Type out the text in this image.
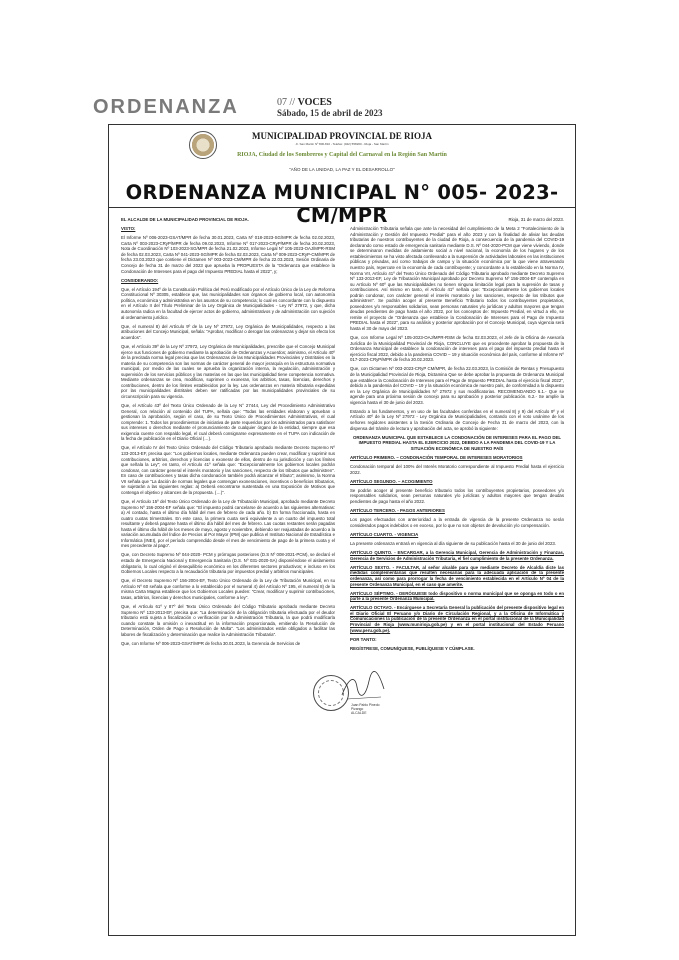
ORDENANZA	07 // VOCES
Sábado, 15 de abril de 2023
MUNICIPALIDAD PROVINCIAL DE RIOJA
Jr. San Martín Nº 806-810 - Telefax: (042) 558200 - Rioja - San Martín
RIOJA, Ciudad de los Sombreros y Capital del Carnaval en la Región San Martín
"AÑO DE LA UNIDAD, LA PAZ Y EL DESARROLLO"
ORDENANZA MUNICIPAL N° 005- 2023-CM/MPR

EL ALCALDE DE LA MUNICIPALIDAD PROVINCIAL DE RIOJA.

VISTO:

El Informe Nº 006-2023-GSAT/MPR de fecha 30.01.2023, Carta Nº 018-2023-SG/MPR de fecha 02.02.2023, Carta Nº 003-2023-CRyP/MPR de fecha 09.02.2023, Informe Nº 017-2023-CRyP/MPR de fecha 20.02.2023, Nota de Coordinación Nº 103-2023-SG/MPR de fecha 21.02.2023, Informe Legal Nº 105-2023-OAJ/MPR-RSM de fecha 02.03.2023, Carta Nº 041-2023-SG/MPR de fecha 02.03.2023, Carta Nº 009-2023-CRyP-CM/MPR de fecha 23.03.2023 que contiene el Dictamen Nº 003-2023-CM/MPR de fecha 22.03.2023, Sesión Ordinaria de Concejo de fecha 31 de marzo del 2023 que aprueba la PROPUESTA de la "Ordenanza que establece la Condonación de Intereses para el pago del Impuesto PREDIAL hasta el 2022", y;

CONSIDERANDO:

Que, el Artículo 194º de la Constitución Política del Perú modificado por el Artículo Único de la Ley de Reforma Constitucional Nº 30305, establece que, las municipalidades son órganos de gobierno local, con autonomía política, económica y administrativa en los asuntos de su competencia; lo cual es concordante con lo dispuesto en el Artículo II del Título Preliminar de la Ley Orgánica de Municipalidades - Ley Nº 27972, y que, dicha autonomía radica en la facultad de ejercer actos de gobierno, administrativos y de administración con sujeción al ordenamiento jurídico.

Que, el numeral 8) del Artículo 9º de la Ley Nº 27972, Ley Orgánica de Municipalidades, respecto a las atribuciones del Concejo Municipal, señala: "Aprobar, modificar o derogar las ordenanzas y dejar sin efecto los acuerdos".

Que, el Artículo 39º de la Ley Nº 27972, Ley Orgánica de Municipalidades, prescribe que el Concejo Municipal ejerce sus funciones de gobierno mediante la aprobación de Ordenanzas y Acuerdos; asimismo, el Artículo 40º de la precitada norma legal precisa que las Ordenanzas de las Municipalidades Provinciales y Distritales en la materia de su competencia son las normas de carácter general de mayor jerarquía en la estructura normativa municipal, por medio de las cuales se aprueba la organización interna, la regulación, administración y supervisión de los servicios públicos y las materias en las que las municipalidad tiene competencia normativa. Mediante ordenanzas se crea, modifican, suprimen o exoneran, los arbitrios, tasas, licencias, derechos y contribuciones, dentro de los límites establecidos por la ley. Las ordenanzas en materia tributaria expedidas por las municipalidades distritales deben ser ratificadas por las municipalidades provinciales de su circunscripción para su vigencia.

Que, el Artículo 43º del Texto Único Ordenado de la Ley N° 27444, Ley del Procedimiento Administrativo General, con relación al contenido del TUPA, señala que: "Todas las entidades elaboran y aprueban o gestionan la aprobación, según el caso, de su Texto Único de Procedimientos Administrativos, el cual comprende: 1. Todos los procedimientos de iniciativa de parte requeridos por los administrados para satisfacer sus intereses o derechos mediante el pronunciamiento de cualquier órgano de la entidad, siempre que esa exigencia cuente con respaldo legal, el cual deberá consignarse expresamente en el TUPA con indicación de la fecha de publicación en el Diario Oficial (…).

Que, el Artículo IV del Texto Único Ordenado del Código Tributario aprobado mediante Decreto Supremo Nº 133-2013-EF, precisa que: "Los gobiernos locales, mediante Ordenanza pueden crear, modificar y suprimir sus contribuciones, arbitrios, derechos y licencias o exonerar de ellos, dentro de su jurisdicción y con los límites que señala la Ley"; en tanto, el Artículo 41º señala que: "Excepcionalmente los gobiernos locales podrán condonar, con carácter general el interés moratorio y las sanciones, respecto de los tributos que administren". En caso de contribuciones y tasas dicha condonación también podrá alcanzar el tributo"; asimismo, la Norma VII señala que "La dación de normas legales que contengan exoneraciones, incentivos o beneficios tributarios, se sujetarán a las siguientes reglas: a) Deberá encontrarse sustentada en una Exposición de Motivos que contenga el objetivo y alcances de la propuesta. (…)".

Que, el Artículo 15º del Texto Único Ordenado de la Ley de Tributación Municipal, aprobado mediante Decreto Supremo Nº 156-2004-EF señala que: "El impuesto podrá cancelarse de acuerdo a las siguientes alternativas: a) Al contado, hasta el último día hábil del mes de febrero de cada año. b) En forma fraccionada, hasta en cuatro cuotas trimestrales. En este caso, la primera cuota será equivalente a un cuarto del impuesto total resultante y deberá pagarse hasta el último día hábil del mes de febrero. Las cuotas restantes serán pagadas hasta el último día hábil de los meses de mayo, agosto y noviembre, debiendo ser reajustadas de acuerdo a la variación acumulada del Índice de Precios al Por Mayor (IPM) que publica el Instituto Nacional de Estadística e Informática (INEI), por el período comprendido desde el mes de vencimiento de pago de la primera cuota y el mes precedente al pago".

Que, con Decreto Supremo Nº 044-2020- PCM y prórrogas posteriores (D.S Nº 008-2021-PCM), se declaró el estado de Emergencia Nacional y Emergencia Sanitaria (D.S. Nº 031-2020-SA) disponiéndose el aislamiento obligatorio, lo cual originó el desequilibrio económico en los diferentes sectores productivos; e incluso en los Gobiernos Locales respecto a la recaudación tributaria por impuestos predial y arbitrios municipales.

Que, el Decreto Supremo Nº 156-2004-EF, Texto Único Ordenado de la Ley de Tributación Municipal, en su Artículo Nº 60 señala que conforme a lo establecido por el numeral 4) del Artículo Nº 195, el numeral 8) de la misma Carta Magna establece que los Gobiernos Locales pueden: "Crear, modificar y suprimir contribuciones, tasas, arbitrios, licencias y derechos municipales, conforme a ley".

Que, el Artículo 61º y 87º del Texto Único Ordenado del Código Tributario aprobado mediante Decreto Supremo Nº 133-2013-EF, precisa que: "La determinación de la obligación tributaria efectuada por el deudor tributario está sujeta a fiscalización o verificación por la Administración Tributaria, la que podrá modificarla cuando constate la omisión o inexactitud en la información proporcionada, emitiendo la Resolución de Determinación, Orden de Pago o Resolución de Multa". "Los administrados están obligados a facilitar las labores de fiscalización y determinación que realice la Administración Tributaria".

Que, con Informe Nº 006-2023-GSAT/MPR de fecha 30.01.2023, la Gerencia de Servicios de

Rioja, 31 de marzo del 2023.

Administración Tributaria señala que ante la necesidad del cumplimiento de la Meta 2 "Fortalecimiento de la Administración y Gestión del Impuesto Predial" para el año 2023 y con la finalidad de aliviar las deudas tributarias de nuestros contribuyentes de la ciudad de Rioja, a consecuencia de la pandemia del COVID-19 declarando como estado de emergencia sanitaria mediante D.S. Nº 044-2020-PCM que viene viviendo, donde se determinaron medidas de aislamiento social a nivel nacional, la economía de los hogares y de los establecimientos se ha visto afectada conllevando a la suspensión de actividades laborales en las instituciones públicas y privadas, así como trabajos de campo y la situación económica por la que viene atravesando nuestro país, repercute en la economía de cada contribuyente; y concordante a lo establecido en la Norma IV, Norma VII, Artículo 41º del Texto Único Ordenado del Código Tributario aprobado mediante Decreto Supremo Nº 133-2013-EF, Ley de Tributación Municipal aprobado por Decreto Supremo Nº 156-2004-EF contempla en su Artículo Nº 60º que las Municipalidades no tienen ninguna limitación legal para la supresión de tasas y contribuciones. Así mismo en tanto, el Artículo 41º señala que: "Excepcionalmente los gobiernos locales podrán condonar, con carácter general el interés moratorio y las sanciones, respecto de los tributos que administren". Se podrán acoger al presente Beneficio Tributario todos los contribuyentes propietarios, poseedores y/o responsables solidarios, sean personas naturales y/o jurídicas y adultos mayores que tengan deudas pendientes de pago hasta el año 2022, por los conceptos de: Impuesto Predial, en virtud a ello, se remite el proyecto de "Ordenanza que establece la Condonación de Intereses para el Pago de Impuesto PREDIAL hasta el 2022", para su análisis y posterior aprobación por el Concejo Municipal, cuya vigencia será hasta el 30 de mayo del 2023.

Que, con Informe Legal Nº 105-2023-OAJ/MPR-RSM de fecha 02.03.2023, el Jefe de la Oficina de Asesoría Jurídica de la Municipalidad Provincial de Rioja, CONCLUYE que es procedente aprobar la propuesta de la Ordenanza Municipal de establece la condonación de intereses para el pago del impuesto predial hasta el ejercicio fiscal 2022, debido a la pandemia COVID – 19 y situación económica del país, conforme al Informe Nº 017-2023-CRyP/MPR de fecha 20.02.2023.

Que, con Dictamen Nº 003-2023-CRyP CM/MPR, de fecha 22.03.2023, la Comisión de Rentas y Presupuesto de la Municipalidad Provincial de Rioja, Dictamina Que se debe aprobar la propuesta de Ordenanza Municipal que establece la Condonación de Intereses para el Pago de Impuesto PREDIAL hasta el ejercicio fiscal 2022", debido a la pandemia del COVID – 19 y la situación económica de nuestro país, de conformidad a lo dispuesto en la Ley Orgánica de Municipalidades Nº 27972 y sus modificatorias. RECOMENDANDO 6.1.- Que se agende para una próxima sesión de concejo para su aprobación y posterior publicación. 6.2.- Se amplíe la vigencia hasta el 30 de junio del 2023.

Estando a los fundamentos, y en uso de las facultades conferidas en el numeral 8) y 9) del Artículo 9º y el Artículo 40º de la Ley Nº 27972 - Ley Orgánica de Municipalidades, contando con el voto unánime de los señores regidores asistentes a la Sesión Ordinaria de Concejo de Fecha 31 de marzo del 2023, con la dispensa del trámite de lectura y aprobación del acta, se aprobó la siguiente:

ORDENANZA MUNICIPAL QUE ESTABLECE LA CONDONACIÓN DE INTERESES PARA EL PAGO DEL IMPUESTO PREDIAL HASTA EL EJERCICIO 2022, DEBIDO A LA PANDEMIA DEL COVID-19 Y LA SITUACIÓN ECONÓMICA DE NUESTRO PAÍS

ARTÍCULO PRIMERO. – CONDONACIÓN TEMPORAL DE INTERESES MORATORIOS

Condonación temporal del 100% del Interés Moratorio correspondiente al Impuesto Predial hasta el ejercicio 2022.

ARTÍCULO SEGUNDO. – ACOGIMIENTO

Se podrán acoger al presente beneficio tributario todos los contribuyentes propietarios, poseedores y/o responsables solidarios, sean personas naturales y/o jurídicas y adultos mayores que tengan deudas pendientes de pago hasta el año 2022.

ARTÍCULO TERCERO. - PAGOS ANTERIORES

Los pagos efectuados con anterioridad a la entrada de vigencia de la presente Ordenanza no serán considerados pagos indebidos o en exceso, por lo que no son objetos de devolución y/o compensación.

ARTÍCULO CUARTO. - VIGENCIA

La presente ordenanza entrará en vigencia al día siguiente de su publicación hasta el 30 de junio del 2023.

ARTÍCULO QUINTO. - ENCARGAR, a la Gerencia Municipal, Gerencia de Administración y Finanzas, Gerencia de Servicios de Administración Tributaria, el fiel cumplimiento de la presente Ordenanza.

ARTÍCULO SEXTO. - FACULTAR, al señor alcalde para que mediante Decreto de Alcaldía dicte las medidas complementarias que resulten necesarias para la adecuada aplicación de la presente ordenanza, así como para prorrogar la fecha de vencimiento establecida en el Artículo Nº 04 de la presente Ordenanza Municipal, en el caso que amerite.

ARTÍCULO SÉPTIMO. - DERÓGUESE todo dispositivo o norma municipal que se oponga en todo o en parte a la presente Ordenanza Municipal.

ARTÍCULO OCTAVO. - Encárguese a Secretaría General la publicación del presente dispositivo legal en el Diario Oficial El Peruano y/o Diario de Circulación Regional, y a la Oficina de Informática y Comunicaciones la publicación de la presente Ordenanza en el portal institucional de la Municipalidad Provincial de Rioja (www.munirioja.gob.pe) y en el portal institucional del Estado Peruano (www.peru.gob.pe).

POR TANTO:

REGÍSTRESE, COMUNÍQUESE, PUBLÍQUESE Y CÚMPLASE.

Juan Pablo Pinedo Pizango
ALCALDE
